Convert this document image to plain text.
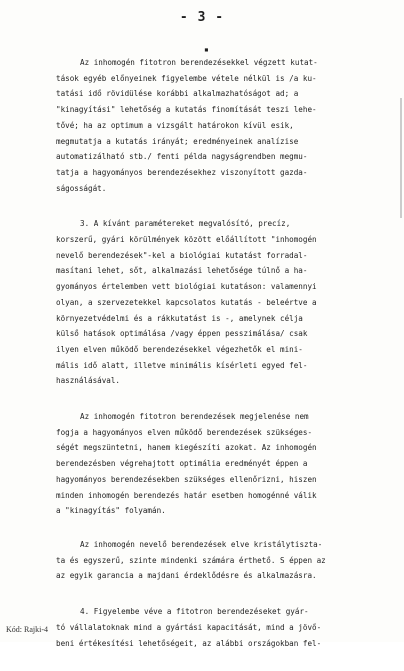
- 3 -
▪
Az inhomogén fitotron berendezésekkel végzett kutat-
tások egyéb előnyeinek figyelembe vétele nélkül is /a ku-
tatási idő rövidülése korábbi alkalmazhatóságot ad; a
"kinagyítási" lehetőség a kutatás finomítását teszi lehe-
tővé; ha az optimum a vizsgált határokon kívül esik,
megmutatja a kutatás irányát; eredményeinek analízise
automatizálható stb./ fenti példa nagyságrendben megmu-
tatja a hagyományos berendezésekhez viszonyított gazda-
ságosságát.
3. A kívánt paramétereket megvalósító, precíz,
korszerű, gyári körülmények között előállított "inhomogén
nevelő berendezések"-kel a biológiai kutatást forradal-
masítani lehet, sőt, alkalmazási lehetősége túlnő a ha-
gyományos értelemben vett biológiai kutatáson: valamennyi
olyan, a szervezetekkel kapcsolatos kutatás - beleértve a
környezetvédelmi és a rákkutatást is -, amelynek célja
külső hatások optimálása /vagy éppen pesszimálása/ csak
ilyen elven működő berendezésekkel végezhetők el mini-
mális idő alatt, illetve minimális kísérleti egyed fel-
használásával.
Az inhomogén fitotron berendezések megjelenése nem
fogja a hagyományos elven működő berendezések szükséges-
ségét megszüntetni, hanem kiegészíti azokat. Az inhomogén
berendezésben végrehajtott optimália eredményét éppen a
hagyományos berendezésekben szükséges ellenőrizni, hiszen
minden inhomogén berendezés határ esetben homogénné válik
a "kinagyítás" folyamán.
Az inhomogén nevelő berendezések elve kristálytiszta-
ta és egyszerű, szinte mindenki számára érthető. S éppen az
az egyik garancia a majdani érdeklődésre és alkalmazásra.
4. Figyelembe véve a fitotron berendezéseket gyár-
tó vállalatoknak mind a gyártási kapacitását, mind a jövő-
beni értékesítési lehetőségeit, az alábbi országokban fel-
Kód: Rajki-4
